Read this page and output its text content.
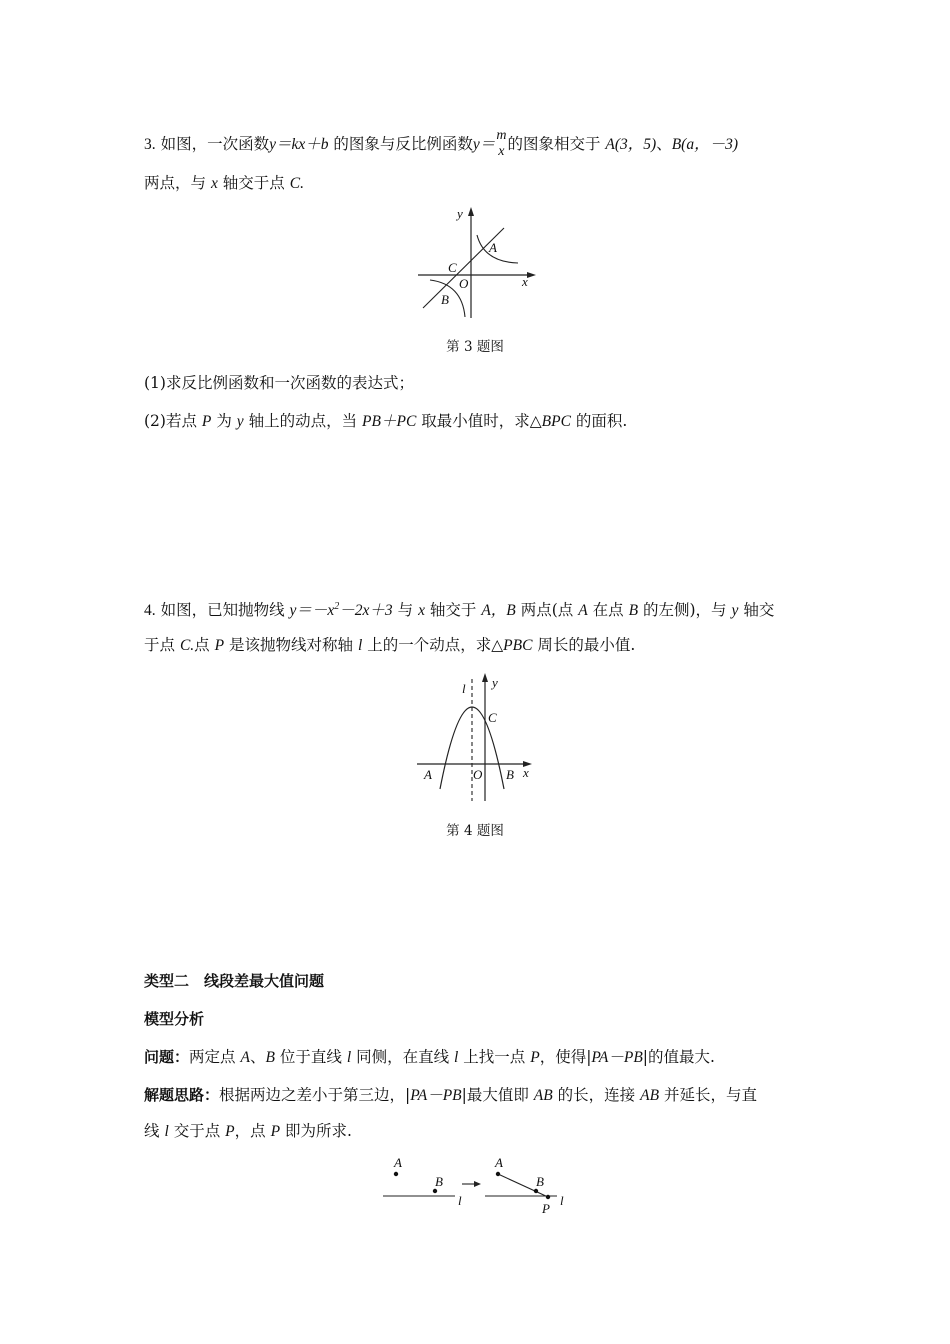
3. 如图，一次函数y＝kx＋b 的图象与反比例函数y＝
m
x 的图象相交于 A(3，5)、B(a，－3)
两点，与 x 轴交于点 C.
y
A
C
O	x
B
第 3 题图
(1)求反比例函数和一次函数的表达式；
(2)若点 P 为 y 轴上的动点，当 PB＋PC 取最小值时，求△BPC 的面积.
4. 如图，已知抛物线 $y=-x^2-2x+3$ 与 x 轴交于 A，B 两点(点 A 在点 B 的左侧)，与 y 轴交
于点 C.点 P 是该抛物线对称轴 l 上的一个动点，求△PBC 周长的最小值.
l y
C
A	O B x
第 4 题图
类型二　线段差最大值问题
模型分析
问题：两定点 A、B 位于直线 l 同侧，在直线 l 上找一点 P，使得|PA－PB|的值最大.
解题思路：根据两边之差小于第三边，|PA－PB|最大值即 AB 的长，连接 AB 并延长，与直
线 l 交于点 P，点 P 即为所求.
A
B
l
A
B
P
l
